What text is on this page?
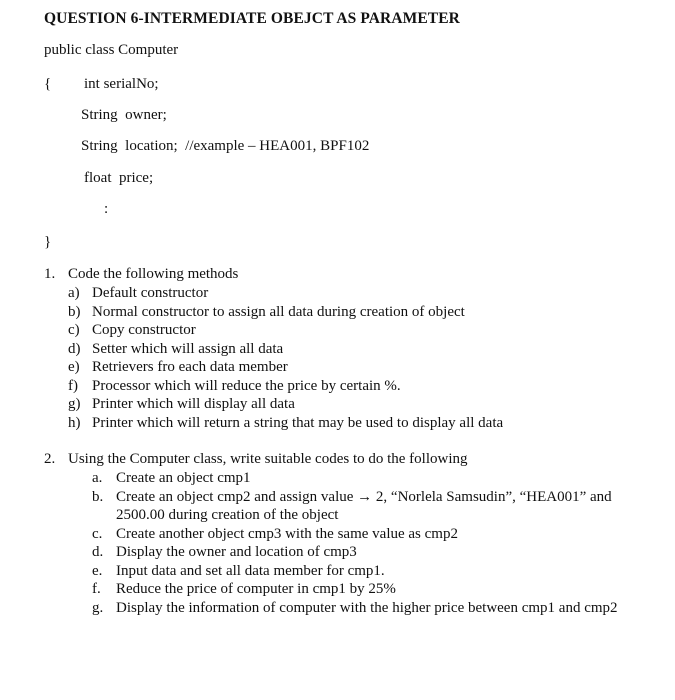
QUESTION 6-INTERMEDIATE OBEJCT AS PARAMETER
public class Computer
{ int serialNo;
String  owner;
String  location;  //example – HEA001, BPF102
float  price;
:
}
1. Code the following methods
a) Default constructor
b) Normal constructor to assign all data during creation of object
c) Copy constructor
d) Setter which will assign all data
e) Retrievers fro each data member
f) Processor which will reduce the price by certain %.
g) Printer which will display all data
h) Printer which will return a string that may be used to display all data
2. Using the Computer class, write suitable codes to do the following
a. Create an object cmp1
b. Create an object cmp2 and assign value → 2, “Norlela Samsudin”, “HEA001” and 2500.00 during creation of the object
c. Create another object cmp3 with the same value as cmp2
d. Display the owner and location of cmp3
e. Input data and set all data member for cmp1.
f. Reduce the price of computer in cmp1 by 25%
g. Display the information of computer with the higher price between cmp1 and cmp2
